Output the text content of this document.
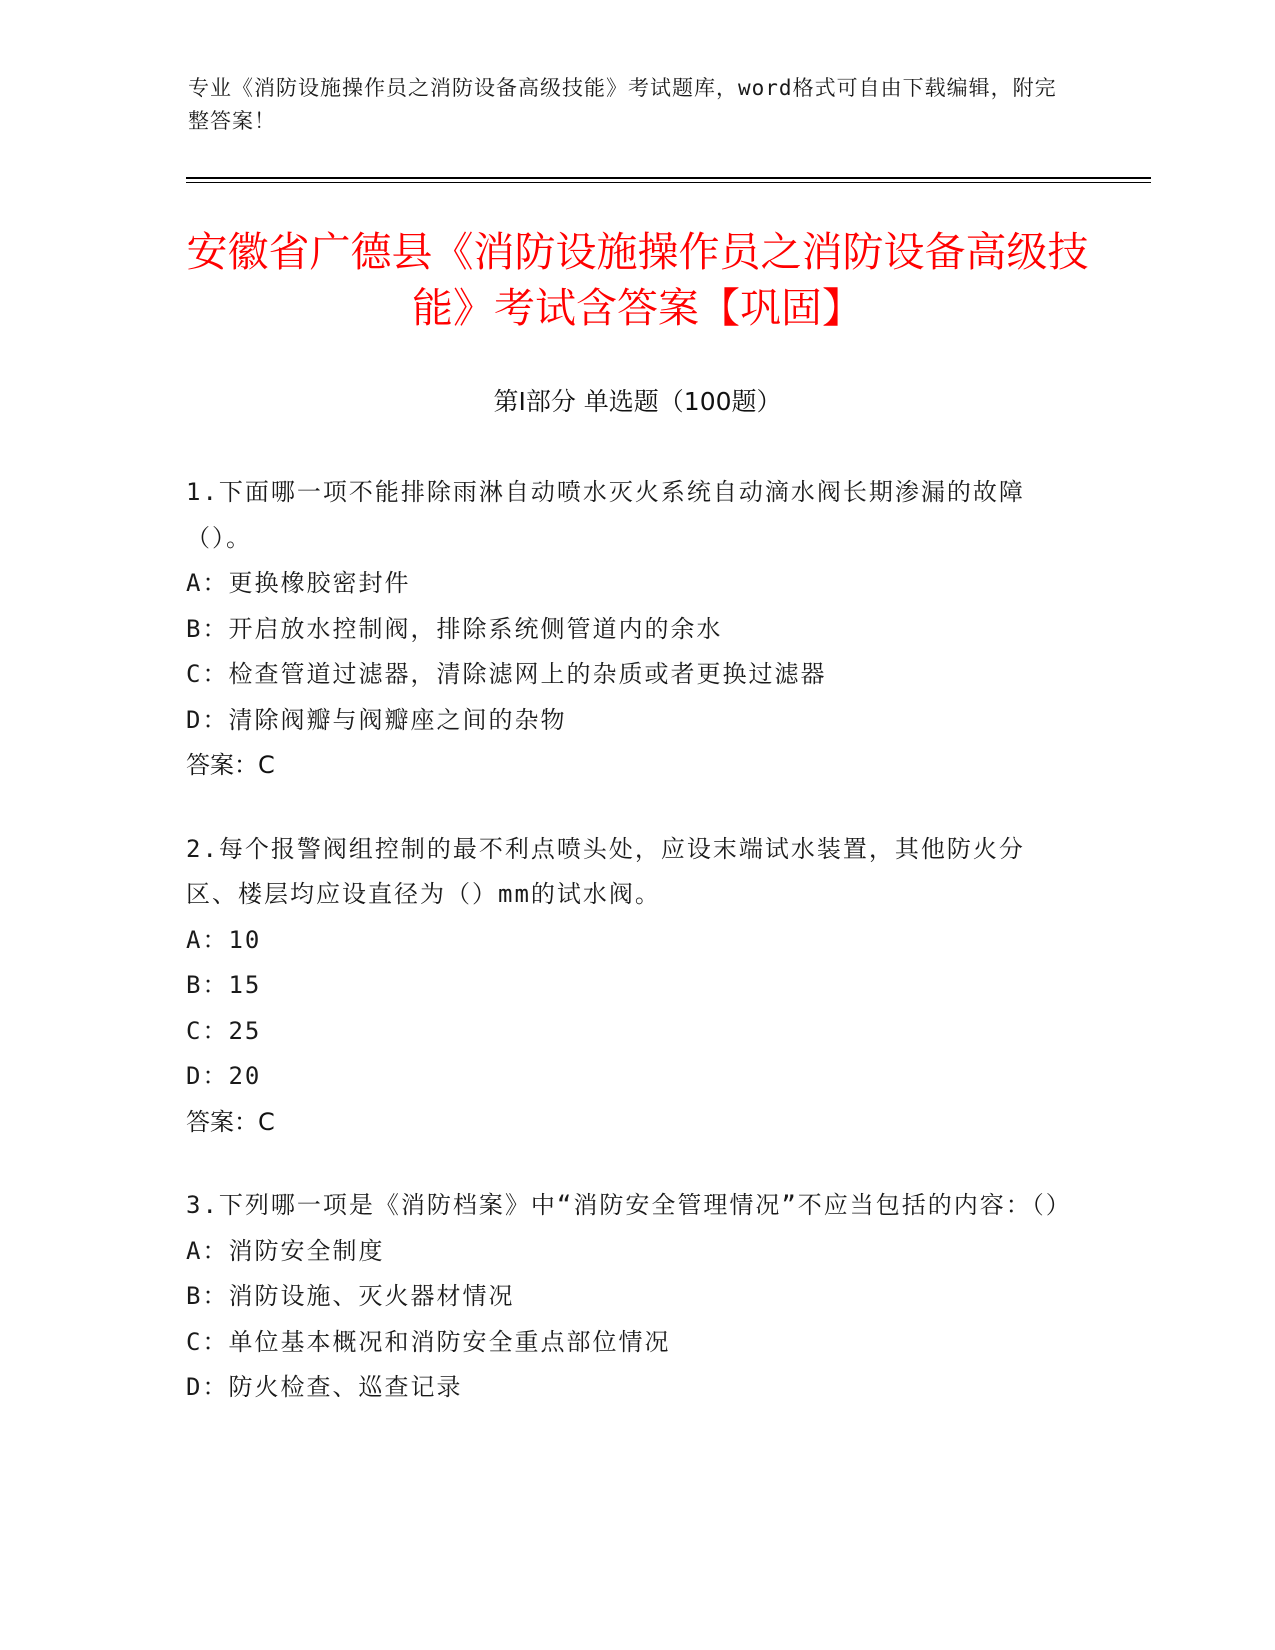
专业《消防设施操作员之消防设备高级技能》考试题库，word格式可自由下载编辑，附完整答案！
安徽省广德县《消防设施操作员之消防设备高级技能》考试含答案【巩固】
第Ⅰ部分 单选题（100题）
1.下面哪一项不能排除雨淋自动喷水灭火系统自动滴水阀长期渗漏的故障（）。
A：更换橡胶密封件
B：开启放水控制阀，排除系统侧管道内的余水
C：检查管道过滤器，清除滤网上的杂质或者更换过滤器
D：清除阀瓣与阀瓣座之间的杂物
答案：C
2.每个报警阀组控制的最不利点喷头处，应设末端试水装置，其他防火分区、楼层均应设直径为（）mm的试水阀。
A：10
B：15
C：25
D：20
答案：C
3.下列哪一项是《消防档案》中“消防安全管理情况”不应当包括的内容：（）
A：消防安全制度
B：消防设施、灭火器材情况
C：单位基本概况和消防安全重点部位情况
D：防火检查、巡查记录
